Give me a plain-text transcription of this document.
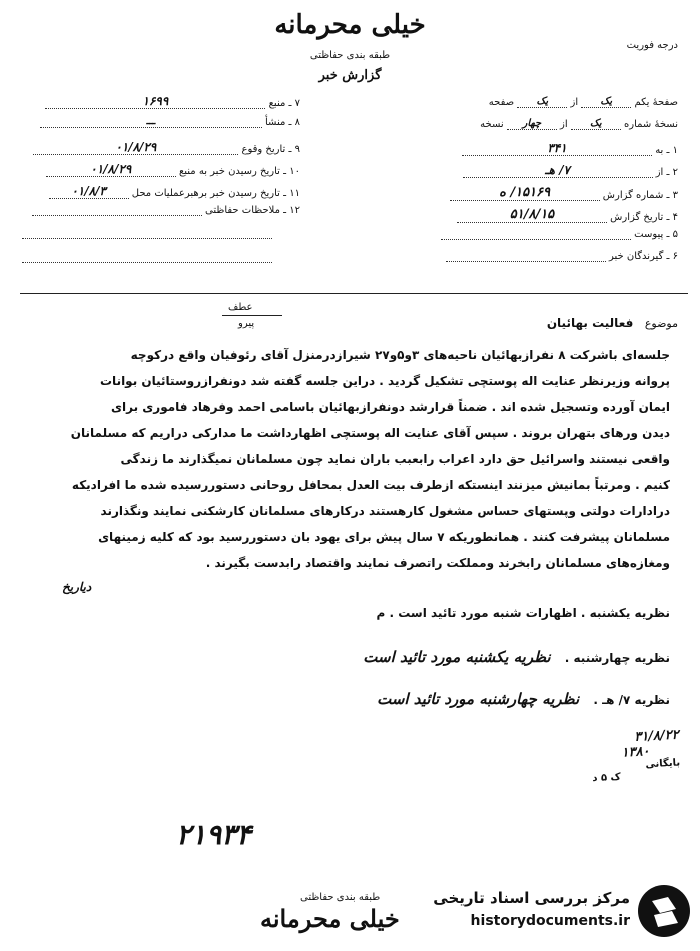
خیلی محرمانه
طبقه بندی حفاظتی
گزارش خبر
درجه فوریت
۷ ـ منبع ۱۶۹۹
۸ ـ منشأ ـــ
۹ ـ تاریخ وقوع ۰۱/۸/۲۹
۱۰ ـ تاریخ رسیدن خبر به منبع ۰۱/۸/۲۹
۱۱ ـ تاریخ رسیدن خبر برهبرعملیات محل ۰۱/۸/۳
۱۲ ـ ملاحظات حفاظتی
صفحهٔ یکم یک از یک صفحه
نسخهٔ شماره یک از چهار نسخه
۱ ـ به ۳۴۱
۲ ـ از ۷/ هـ
۳ ـ شماره گزارش ۱۵۱۶۹/ ه
۴ ـ تاریخ گزارش ۵۱/۸/۱۵
۵ ـ پیوست
۶ ـ گیرندگان خبر
عطف
پیرو	موضوع فعالیت بهائیان
جلسه‌ای باشرکت ۸ نفرازبهائیان ناحیه‌های ۳و۵و۲۷ شیرازدرمنزل آقای رئوفیان واقع درکوچه
پروانه وزیرنظر عنایت اله پوستچی تشکیل گردید . دراین جلسه گفته شد دونفرازروستائیان بوانات
ایمان آورده وتسجیل شده اند . ضمناً قرارشد دونفرازبهائیان باسامی احمد وفرهاد فاموری برای
دیدن ورهای بتهران بروند . سپس آقای عنایت اله پوستچی اظهارداشت ما مدارکی دراریم که مسلمانان
واقعی نیستند واسرائیل حق دارد اعراب رابعبب باران نماید چون مسلمانان نمیگذارند ما زندگی
کنیم . ومرتباً بمانیش میزنند اینستکه ازطرف بیت العدل بمحافل روحانی دستوررسیده شده ما افرادیکه
درادارات دولتی وپستهای حساس مشغول کارهستند درکارهای مسلمانان کارشکنی نمایند ونگذارند
مسلمانان پیشرفت کنند . همانطوریکه ۷ سال پیش برای یهود بان دستوررسید بود که کلیه زمینهای
ومغازه‌های مسلمانان رابخرند ومملکت راتصرف نمایند واقتصاد رابدست بگیرند .
دیاریخ
نظریه یکشنبه . اظهارات شنبه مورد تائید است . م
نظریه چهارشنبه . نظریه یکشنبه مورد تائید است
نظریه ۷/ هـ . نظریه چهارشنبه مورد تائید است
۳۱/۸/۲۲
۱۳۸۰
بایگانی
ک ۵ د
۲۱۹۳۴
طبقه بندی حفاظتی
خیلی محرمانه
مرکز بررسی اسناد تاریخی
historydocuments.ir
